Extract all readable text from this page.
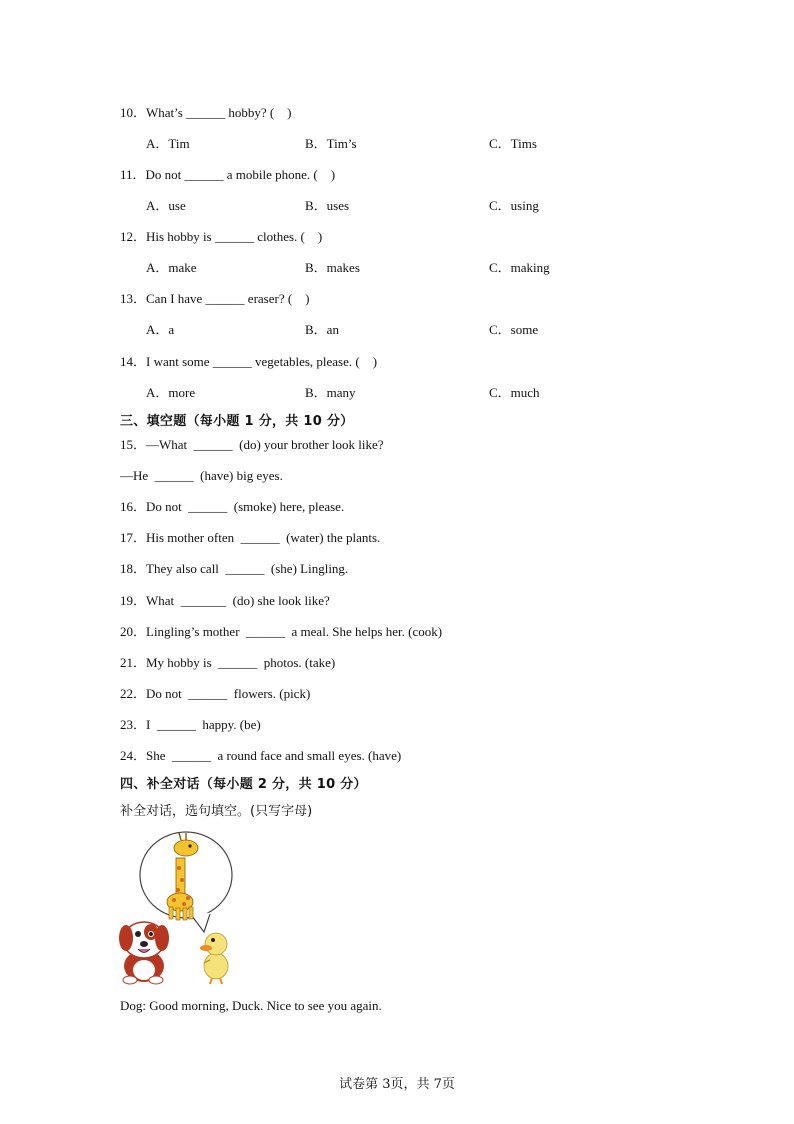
10．What’s ______ hobby? (    )
A．Tim	B．Tim’s	C．Tims
11．Do not ______ a mobile phone. (    )
A．use	B．uses	C．using
12．His hobby is ______ clothes. (    )
A．make	B．makes	C．making
13．Can I have ______ eraser? (    )
A．a	B．an	C．some
14．I want some ______ vegetables, please. (    )
A．more	B．many	C．much
三、填空题（每小题 1 分，共 10 分）
15．—What  ______  (do) your brother look like?
—He  ______  (have) big eyes.
16．Do not  ______  (smoke) here, please.
17．His mother often  ______  (water) the plants.
18．They also call  ______  (she) Lingling.
19．What  _______  (do) she look like?
20．Lingling’s mother  ______  a meal. She helps her. (cook)
21．My hobby is  ______  photos. (take)
22．Do not  ______  flowers. (pick)
23．I  ______  happy. (be)
24．She  ______  a round face and small eyes. (have)
四、补全对话（每小题 2 分，共 10 分）
补全对话，选句填空。(只写字母)
Dog: Good morning, Duck. Nice to see you again.
试卷第 3页，共 7页
